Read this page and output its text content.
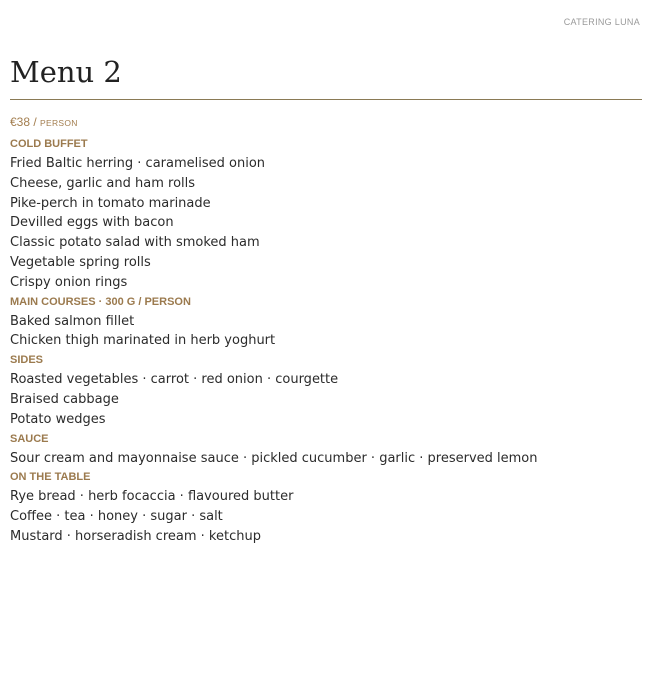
CATERING LUNA
Menu 2
€38 / PERSON
COLD BUFFET
Fried Baltic herring · caramelised onion
Cheese, garlic and ham rolls
Pike-perch in tomato marinade
Devilled eggs with bacon
Classic potato salad with smoked ham
Vegetable spring rolls
Crispy onion rings
MAIN COURSES · 300 G / PERSON
Baked salmon fillet
Chicken thigh marinated in herb yoghurt
SIDES
Roasted vegetables · carrot · red onion · courgette
Braised cabbage
Potato wedges
SAUCE
Sour cream and mayonnaise sauce · pickled cucumber · garlic · preserved lemon
ON THE TABLE
Rye bread · herb focaccia · flavoured butter
Coffee · tea · honey · sugar · salt
Mustard · horseradish cream · ketchup
